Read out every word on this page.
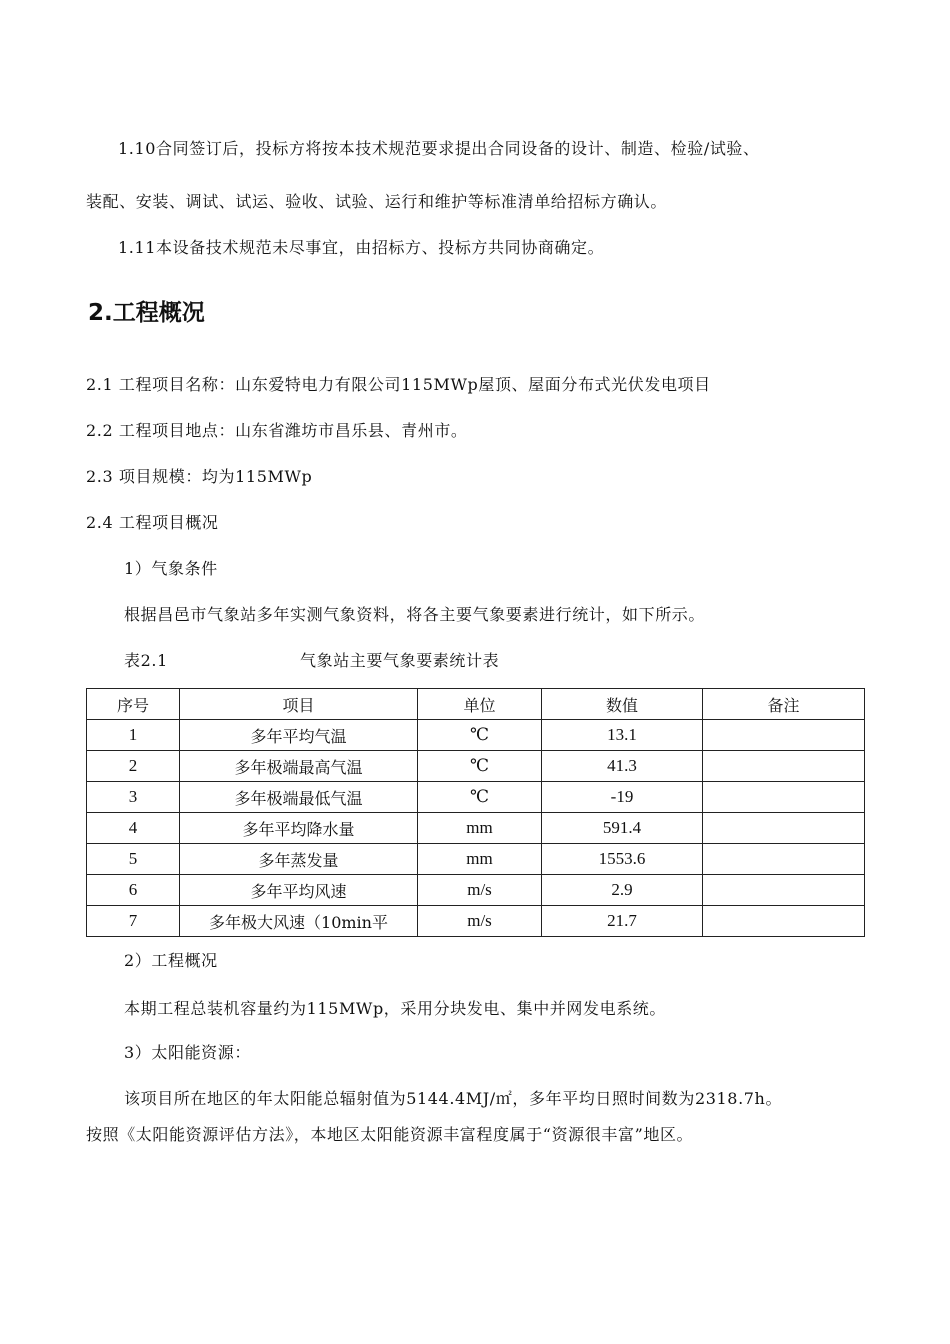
1.10合同签订后，投标方将按本技术规范要求提出合同设备的设计、制造、检验/试验、
装配、安装、调试、试运、验收、试验、运行和维护等标准清单给招标方确认。
1.11本设备技术规范未尽事宜，由招标方、投标方共同协商确定。
2.工程概况
2.1 工程项目名称：山东爱特电力有限公司115MWp屋顶、屋面分布式光伏发电项目
2.2 工程项目地点：山东省潍坊市昌乐县、青州市。
2.3 项目规模：均为115MWp
2.4 工程项目概况
1）气象条件
根据昌邑市气象站多年实测气象资料，将各主要气象要素进行统计，如下所示。
表2.1	气象站主要气象要素统计表
序号	项目	单位	数值	备注
1	多年平均气温	℃	13.1	
2	多年极端最高气温	℃	41.3	
3	多年极端最低气温	℃	-19	
4	多年平均降水量	mm	591.4	
5	多年蒸发量	mm	1553.6	
6	多年平均风速	m/s	2.9	
7	多年极大风速（10min平	m/s	21.7	
2）工程概况
本期工程总装机容量约为115MWp，采用分块发电、集中并网发电系统。
3）太阳能资源：
该项目所在地区的年太阳能总辐射值为5144.4MJ/㎡，多年平均日照时间数为2318.7h。
按照《太阳能资源评估方法》，本地区太阳能资源丰富程度属于“资源很丰富”地区。
